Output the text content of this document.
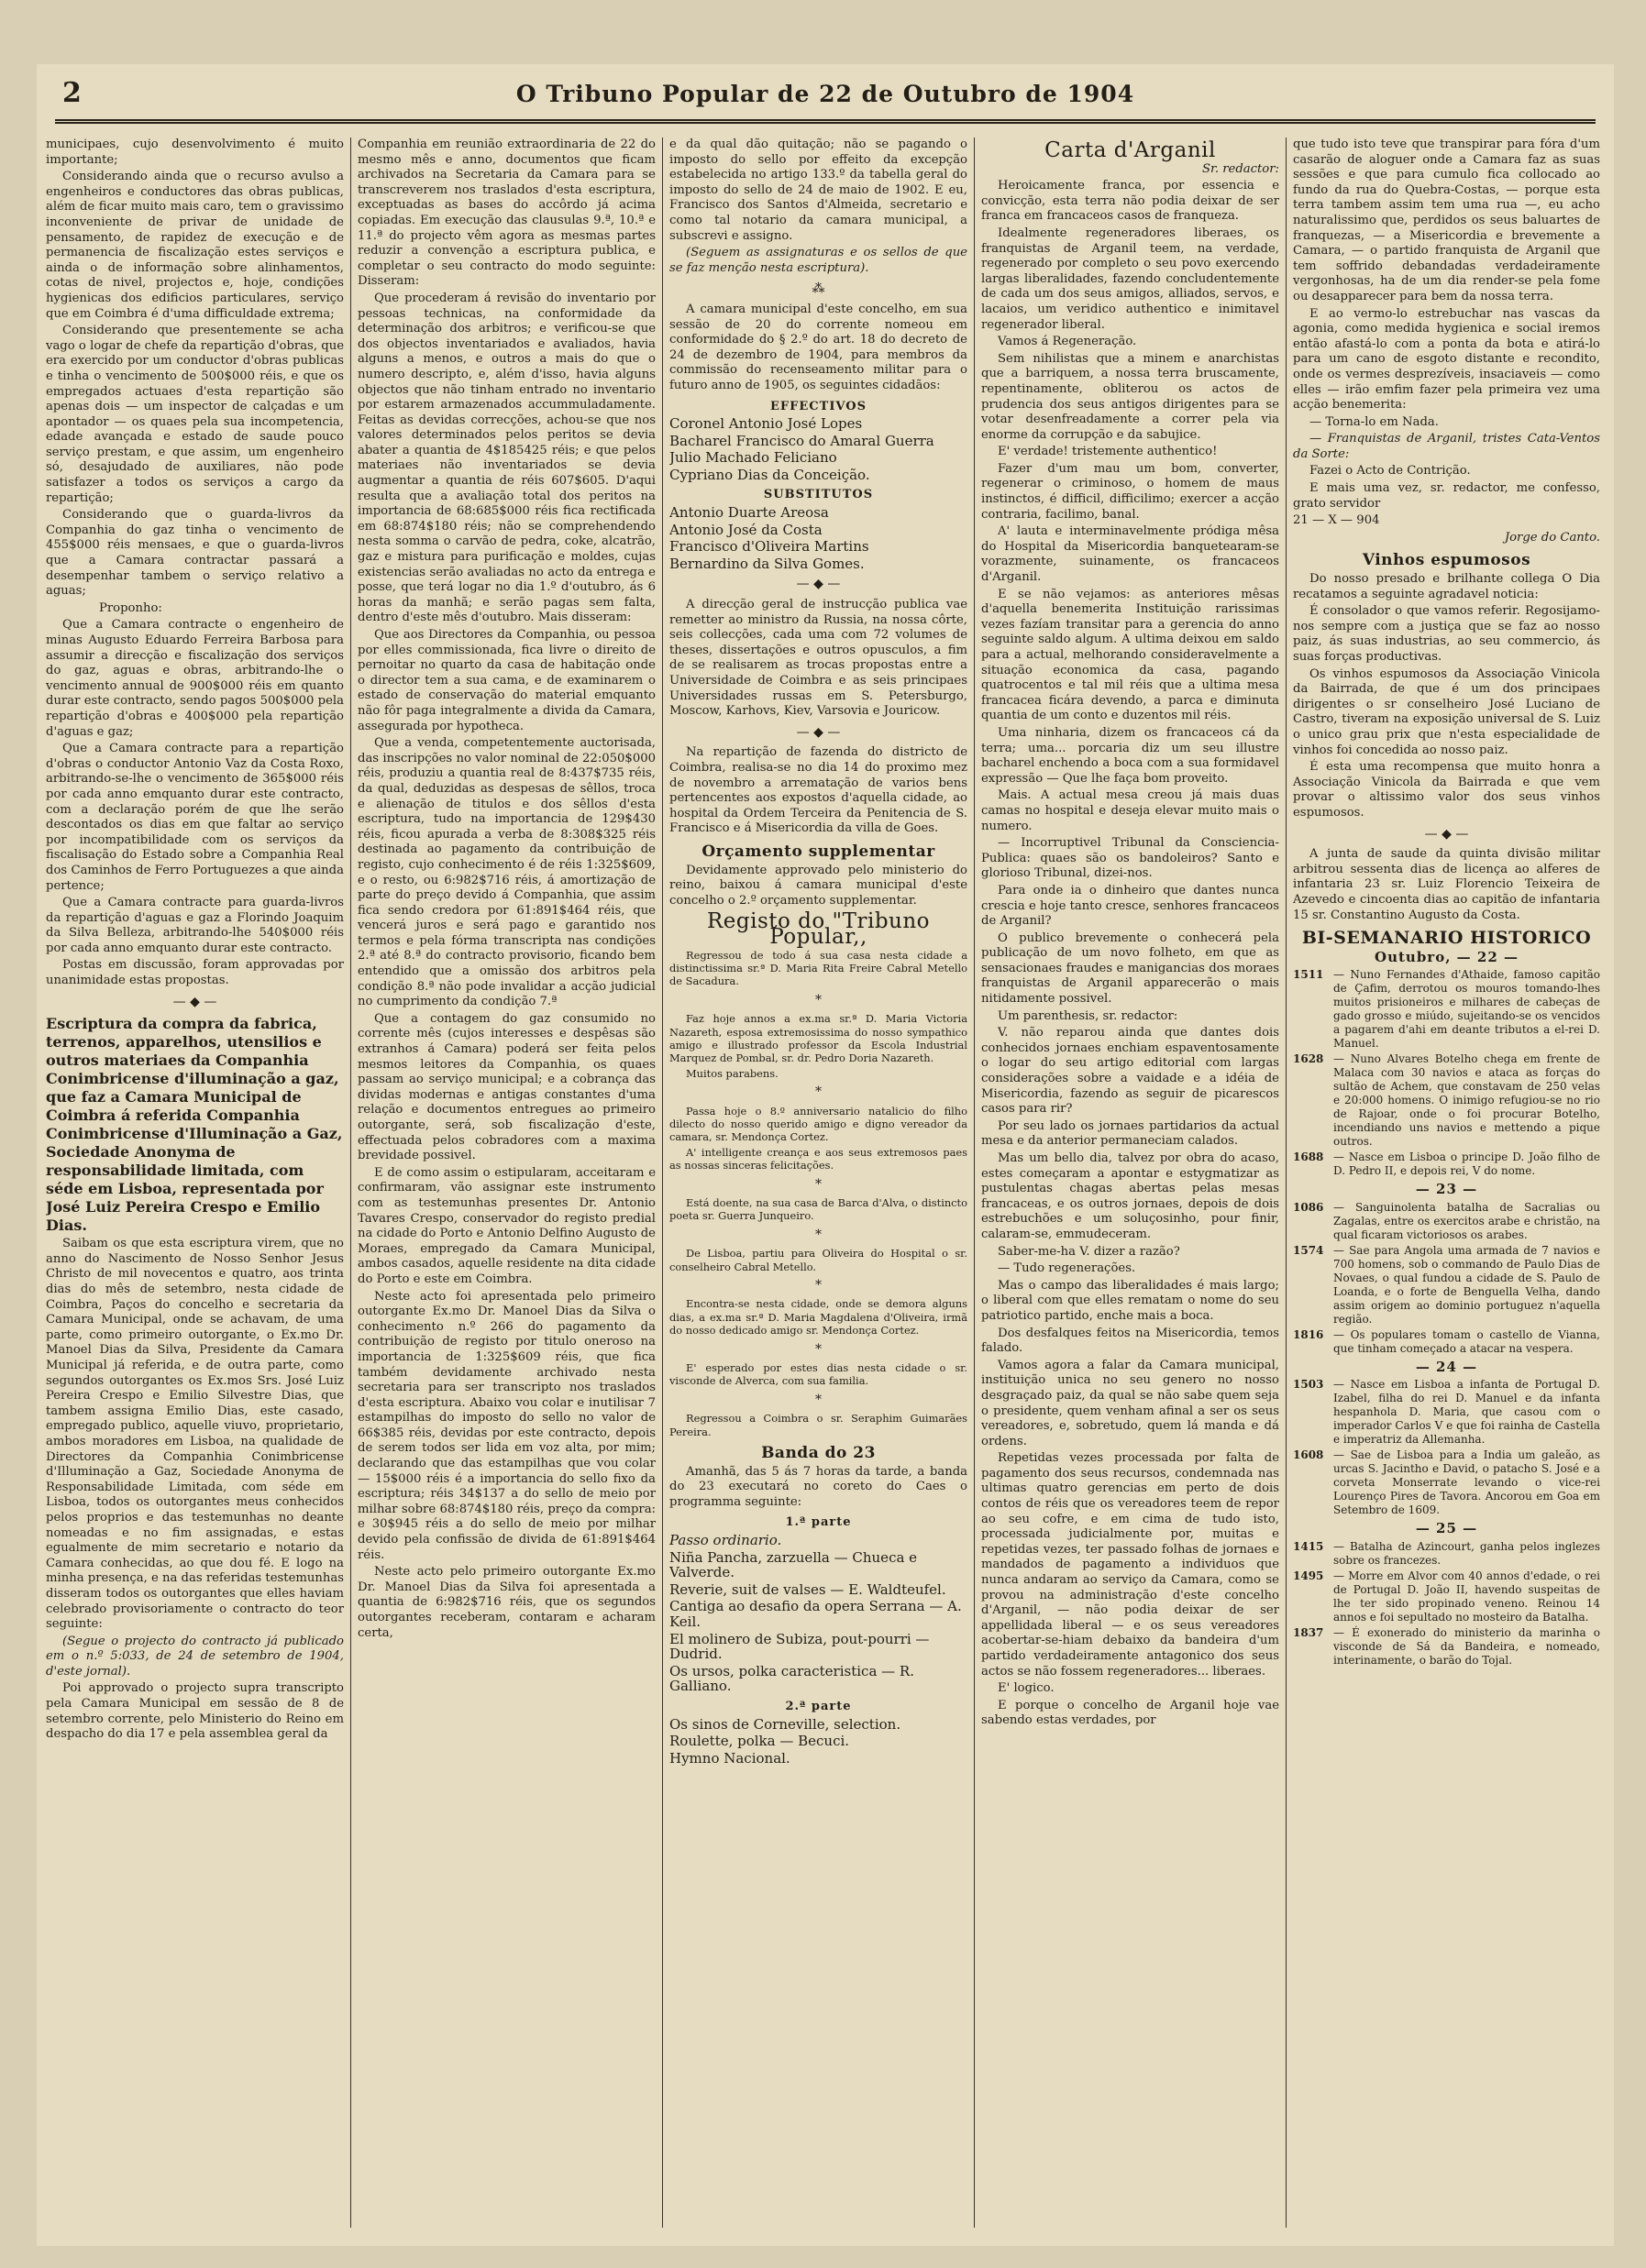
2	O Tribuno Popular de 22 de Outubro de 1904

municipaes, cujo desenvolvimento é muito importante;

Considerando ainda que o recurso avulso a engenheiros e conductores das obras publicas, além de ficar muito mais caro, tem o gravissimo inconveniente de privar de unidade de pensamento, de rapidez de execução e de permanencia de fiscalização estes serviços e ainda o de informação sobre alinhamentos, cotas de nivel, projectos e, hoje, condições hygienicas dos edificios particulares, serviço que em Coimbra é d'uma difficuldade extrema;

Considerando que presentemente se acha vago o logar de chefe da repartição d'obras, que era exercido por um conductor d'obras publicas e tinha o vencimento de 500$000 réis, e que os empregados actuaes d'esta repartição são apenas dois — um inspector de calçadas e um apontador — os quaes pela sua incompetencia, edade avançada e estado de saude pouco serviço prestam, e que assim, um engenheiro só, desajudado de auxiliares, não pode satisfazer a todos os serviços a cargo da repartição;

Considerando que o guarda-livros da Companhia do gaz tinha o vencimento de 455$000 réis mensaes, e que o guarda-livros que a Camara contractar passará a desempenhar tambem o serviço relativo a aguas;

Proponho:

Que a Camara contracte o engenheiro de minas Augusto Eduardo Ferreira Barbosa para assumir a direcção e fiscalização dos serviços do gaz, aguas e obras, arbitrando-lhe o vencimento annual de 900$000 réis em quanto durar este contracto, sendo pagos 500$000 pela repartição d'obras e 400$000 pela repartição d'aguas e gaz;

Que a Camara contracte para a repartição d'obras o conductor Antonio Vaz da Costa Roxo, arbitrando-se-lhe o vencimento de 365$000 réis por cada anno emquanto durar este contracto, com a declaração porém de que lhe serão descontados os dias em que faltar ao serviço por incompatibilidade com os serviços da fiscalisação do Estado sobre a Companhia Real dos Caminhos de Ferro Portuguezes a que ainda pertence;

Que a Camara contracte para guarda-livros da repartição d'aguas e gaz a Florindo Joaquim da Silva Belleza, arbitrando-lhe 540$000 réis por cada anno emquanto durar este contracto.

Postas em discussão, foram approvadas por unanimidade estas propostas.

— ◆ —

Escriptura da compra da fabrica, terrenos, apparelhos, utensilios e outros materiaes da Companhia Conimbricense d'illuminação a gaz, que faz a Camara Municipal de Coimbra á referida Companhia Conimbricense d'Illuminação a Gaz, Sociedade Anonyma de responsabilidade limitada, com séde em Lisboa, representada por José Luiz Pereira Crespo e Emilio Dias.

Saibam os que esta escriptura virem, que no anno do Nascimento de Nosso Senhor Jesus Christo de mil novecentos e quatro, aos trinta dias do mês de setembro, nesta cidade de Coimbra, Paços do concelho e secretaria da Camara Municipal, onde se achavam, de uma parte, como primeiro outorgante, o Ex.mo Dr. Manoel Dias da Silva, Presidente da Camara Municipal já referida, e de outra parte, como segundos outorgantes os Ex.mos Srs. José Luiz Pereira Crespo e Emilio Silvestre Dias, que tambem assigna Emilio Dias, este casado, empregado publico, aquelle viuvo, proprietario, ambos moradores em Lisboa, na qualidade de Directores da Companhia Conimbricense d'Illuminação a Gaz, Sociedade Anonyma de Responsabilidade Limitada, com séde em Lisboa, todos os outorgantes meus conhecidos pelos proprios e das testemunhas no deante nomeadas e no fim assignadas, e estas egualmente de mim secretario e notario da Camara conhecidas, ao que dou fé. E logo na minha presença, e na das referidas testemunhas disseram todos os outorgantes que elles haviam celebrado provisoriamente o contracto do teor seguinte:

(Segue o projecto do contracto já publicado em o n.º 5:033, de 24 de setembro de 1904, d'este jornal).

Poi approvado o projecto supra transcripto pela Camara Municipal em sessão de 8 de setembro corrente, pelo Ministerio do Reino em despacho do dia 17 e pela assemblea geral da

Companhia em reunião extraordinaria de 22 do mesmo mês e anno, documentos que ficam archivados na Secretaria da Camara para se transcreverem nos traslados d'esta escriptura, exceptuadas as bases do accôrdo já acima copiadas. Em execução das clausulas 9.ª, 10.ª e 11.ª do projecto vêm agora as mesmas partes reduzir a convenção a escriptura publica, e completar o seu contracto do modo seguinte: Disseram:

Que procederam á revisão do inventario por pessoas technicas, na conformidade da determinação dos arbitros; e verificou-se que dos objectos inventariados e avaliados, havia alguns a menos, e outros a mais do que o numero descripto, e, além d'isso, havia alguns objectos que não tinham entrado no inventario por estarem armazenados accummuladamente. Feitas as devidas correcções, achou-se que nos valores determinados pelos peritos se devia abater a quantia de 4$185425 réis; e que pelos materiaes não inventariados se devia augmentar a quantia de réis 607$605. D'aqui resulta que a avaliação total dos peritos na importancia de 68:685$000 réis fica rectificada em 68:874$180 réis; não se comprehendendo nesta somma o carvão de pedra, coke, alcatrão, gaz e mistura para purificação e moldes, cujas existencias serão avaliadas no acto da entrega e posse, que terá logar no dia 1.º d'outubro, ás 6 horas da manhã; e serão pagas sem falta, dentro d'este mês d'outubro. Mais disseram:

Que aos Directores da Companhia, ou pessoa por elles commissionada, fica livre o direito de pernoitar no quarto da casa de habitação onde o director tem a sua cama, e de examinarem o estado de conservação do material emquanto não fôr paga integralmente a divida da Camara, assegurada por hypotheca.

Que a venda, competentemente auctorisada, das inscripções no valor nominal de 22:050$000 réis, produziu a quantia real de 8:437$735 réis, da qual, deduzidas as despesas de sêllos, troca e alienação de titulos e dos sêllos d'esta escriptura, tudo na importancia de 129$430 réis, ficou apurada a verba de 8:308$325 réis destinada ao pagamento da contribuição de registo, cujo conhecimento é de réis 1:325$609, e o resto, ou 6:982$716 réis, á amortização de parte do preço devido á Companhia, que assim fica sendo credora por 61:891$464 réis, que vencerá juros e será pago e garantido nos termos e pela fórma transcripta nas condições 2.ª até 8.ª do contracto provisorio, ficando bem entendido que a omissão dos arbitros pela condição 8.ª não pode invalidar a acção judicial no cumprimento da condição 7.ª

Que a contagem do gaz consumido no corrente mês (cujos interesses e despêsas são extranhos á Camara) poderá ser feita pelos mesmos leitores da Companhia, os quaes passam ao serviço municipal; e a cobrança das dividas modernas e antigas constantes d'uma relação e documentos entregues ao primeiro outorgante, será, sob fiscalização d'este, effectuada pelos cobradores com a maxima brevidade possivel.

E de como assim o estipularam, acceitaram e confirmaram, vão assignar este instrumento com as testemunhas presentes Dr. Antonio Tavares Crespo, conservador do registo predial na cidade do Porto e Antonio Delfino Augusto de Moraes, empregado da Camara Municipal, ambos casados, aquelle residente na dita cidade do Porto e este em Coimbra.

Neste acto foi apresentada pelo primeiro outorgante Ex.mo Dr. Manoel Dias da Silva o conhecimento n.º 266 do pagamento da contribuição de registo por titulo oneroso na importancia de 1:325$609 réis, que fica também devidamente archivado nesta secretaria para ser transcripto nos traslados d'esta escriptura. Abaixo vou colar e inutilisar 7 estampilhas do imposto do sello no valor de 66$385 réis, devidas por este contracto, depois de serem todos ser lida em voz alta, por mim; declarando que das estampilhas que vou colar — 15$000 réis é a importancia do sello fixo da escriptura; réis 34$137 a do sello de meio por milhar sobre 68:874$180 réis, preço da compra: e 30$945 réis a do sello de meio por milhar devido pela confissão de divida de 61:891$464 réis.

Neste acto pelo primeiro outorgante Ex.mo Dr. Manoel Dias da Silva foi apresentada a quantia de 6:982$716 réis, que os segundos outorgantes receberam, contaram e acharam certa,

e da qual dão quitação; não se pagando o imposto do sello por effeito da excepção estabelecida no artigo 133.º da tabella geral do imposto do sello de 24 de maio de 1902. E eu, Francisco dos Santos d'Almeida, secretario e como tal notario da camara municipal, a subscrevi e assigno.

(Seguem as assignaturas e os sellos de que se faz menção nesta escriptura).

⁂

A camara municipal d'este concelho, em sua sessão de 20 do corrente nomeou em conformidade do § 2.º do art. 18 do decreto de 24 de dezembro de 1904, para membros da commissão do recenseamento militar para o futuro anno de 1905, os seguintes cidadãos:

EFFECTIVOS

Coronel Antonio José Lopes

Bacharel Francisco do Amaral Guerra

Julio Machado Feliciano

Cypriano Dias da Conceição.

SUBSTITUTOS

Antonio Duarte Areosa

Antonio José da Costa

Francisco d'Oliveira Martins

Bernardino da Silva Gomes.

— ◆ —

A direcção geral de instrucção publica vae remetter ao ministro da Russia, na nossa côrte, seis collecções, cada uma com 72 volumes de theses, dissertações e outros opusculos, a fim de se realisarem as trocas propostas entre a Universidade de Coimbra e as seis principaes Universidades russas em S. Petersburgo, Moscow, Karhovs, Kiev, Varsovia e Jouricow.

— ◆ —

Na repartição de fazenda do districto de Coimbra, realisa-se no dia 14 do proximo mez de novembro a arrematação de varios bens pertencentes aos expostos d'aquella cidade, ao hospital da Ordem Terceira da Penitencia de S. Francisco e á Misericordia da villa de Goes.

Orçamento supplementar

Devidamente approvado pelo ministerio do reino, baixou á camara municipal d'este concelho o 2.º orçamento supplementar.

Registo do "Tribuno Popular,,

Regressou de todo á sua casa nesta cidade a distinctissima sr.ª D. Maria Rita Freire Cabral Metello de Sacadura.

*

Faz hoje annos a ex.ma sr.ª D. Maria Victoria Nazareth, esposa extremosissima do nosso sympathico amigo e illustrado professor da Escola Industrial Marquez de Pombal, sr. dr. Pedro Doria Nazareth.

Muitos parabens.

*

Passa hoje o 8.º anniversario natalicio do filho dilecto do nosso querido amigo e digno vereador da camara, sr. Mendonça Cortez.

A' intelligente creança e aos seus extremosos paes as nossas sinceras felicitações.

*

Está doente, na sua casa de Barca d'Alva, o distincto poeta sr. Guerra Junqueiro.

*

De Lisboa, partiu para Oliveira do Hospital o sr. conselheiro Cabral Metello.

*

Encontra-se nesta cidade, onde se demora alguns dias, a ex.ma sr.ª D. Maria Magdalena d'Oliveira, irmã do nosso dedicado amigo sr. Mendonça Cortez.

*

E' esperado por estes dias nesta cidade o sr. visconde de Alverca, com sua familia.

*

Regressou a Coimbra o sr. Seraphim Guimarães Pereira.

Banda do 23

Amanhã, das 5 ás 7 horas da tarde, a banda do 23 executará no coreto do Caes o programma seguinte:

1.ª parte

Passo ordinario.

Niña Pancha, zarzuella — Chueca e Valverde.

Reverie, suit de valses — E. Waldteufel.

Cantiga ao desafio da opera Serrana — A. Keil.

El molinero de Subiza, pout-pourri — Dudrid.

Os ursos, polka caracteristica — R. Galliano.

2.ª parte

Os sinos de Corneville, selection.

Roulette, polka — Becuci.

Hymno Nacional.

Carta d'Arganil

Sr. redactor:

Heroicamente franca, por essencia e convicção, esta terra não podia deixar de ser franca em francaceos casos de franqueza.

Idealmente regeneradores liberaes, os franquistas de Arganil teem, na verdade, regenerado por completo o seu povo exercendo largas liberalidades, fazendo concludentemente de cada um dos seus amigos, alliados, servos, e lacaios, um veridico authentico e inimitavel regenerador liberal.

Vamos á Regeneração.

Sem nihilistas que a minem e anarchistas que a barriquem, a nossa terra bruscamente, repentinamente, obliterou os actos de prudencia dos seus antigos dirigentes para se votar desenfreadamente a correr pela via enorme da corrupção e da sabujice.

E' verdade! tristemente authentico!

Fazer d'um mau um bom, converter, regenerar o criminoso, o homem de maus instinctos, é difficil, difficilimo; exercer a acção contraria, facilimo, banal.

A' lauta e interminavelmente pródiga mêsa do Hospital da Misericordia banquetearam-se vorazmente, suinamente, os francaceos d'Arganil.

E se não vejamos: as anteriores mêsas d'aquella benemerita Instituição rarissimas vezes fazíam transitar para a gerencia do anno seguinte saldo algum. A ultima deixou em saldo para a actual, melhorando consideravelmente a situação economica da casa, pagando quatrocentos e tal mil réis que a ultima mesa francacea ficára devendo, a parca e diminuta quantia de um conto e duzentos mil réis.

Uma ninharia, dizem os francaceos cá da terra; uma... porcaria diz um seu illustre bacharel enchendo a boca com a sua formidavel expressão — Que lhe faça bom proveito.

Mais. A actual mesa creou já mais duas camas no hospital e deseja elevar muito mais o numero.

— Incorruptivel Tribunal da Consciencia-Publica: quaes são os bandoleiros? Santo e glorioso Tribunal, dizei-nos.

Para onde ia o dinheiro que dantes nunca crescia e hoje tanto cresce, senhores francaceos de Arganil?

O publico brevemente o conhecerá pela publicação de um novo folheto, em que as sensacionaes fraudes e manigancias dos moraes franquistas de Arganil apparecerão o mais nitidamente possivel.

Um parenthesis, sr. redactor:

V. não reparou ainda que dantes dois conhecidos jornaes enchiam espaventosamente o logar do seu artigo editorial com largas considerações sobre a vaidade e a idéia de Misericordia, fazendo as seguir de picarescos casos para rir?

Por seu lado os jornaes partidarios da actual mesa e da anterior permaneciam calados.

Mas um bello dia, talvez por obra do acaso, estes começaram a apontar e estygmatizar as pustulentas chagas abertas pelas mesas francaceas, e os outros jornaes, depois de dois estrebuchões e um soluçosinho, pour finir, calaram-se, emmudeceram.

Saber-me-ha V. dizer a razão?

— Tudo regenerações.

Mas o campo das liberalidades é mais largo; o liberal com que elles rematam o nome do seu patriotico partido, enche mais a boca.

Dos desfalques feitos na Misericordia, temos falado.

Vamos agora a falar da Camara municipal, instituição unica no seu genero no nosso desgraçado paiz, da qual se não sabe quem seja o presidente, quem venham afinal a ser os seus vereadores, e, sobretudo, quem lá manda e dá ordens.

Repetidas vezes processada por falta de pagamento dos seus recursos, condemnada nas ultimas quatro gerencias em perto de dois contos de réis que os vereadores teem de repor ao seu cofre, e em cima de tudo isto, processada judicialmente por, muitas e repetidas vezes, ter passado folhas de jornaes e mandados de pagamento a individuos que nunca andaram ao serviço da Camara, como se provou na administração d'este concelho d'Arganil, — não podia deixar de ser appellidada liberal — e os seus vereadores acobertar-se-hiam debaixo da bandeira d'um partido verdadeiramente antagonico dos seus actos se não fossem regeneradores... liberaes.

E' logico.

E porque o concelho de Arganil hoje vae sabendo estas verdades, por

que tudo isto teve que transpirar para fóra d'um casarão de aloguer onde a Camara faz as suas sessões e que para cumulo fica collocado ao fundo da rua do Quebra-Costas, — porque esta terra tambem assim tem uma rua —, eu acho naturalissimo que, perdidos os seus baluartes de franquezas, — a Misericordia e brevemente a Camara, — o partido franquista de Arganil que tem soffrido debandadas verdadeiramente vergonhosas, ha de um dia render-se pela fome ou desapparecer para bem da nossa terra.

E ao vermo-lo estrebuchar nas vascas da agonia, como medida hygienica e social iremos então afastá-lo com a ponta da bota e atirá-lo para um cano de esgoto distante e recondito, onde os vermes desprezíveis, insaciaveis — como elles — irão emfim fazer pela primeira vez uma acção benemerita:

— Torna-lo em Nada.

— Franquistas de Arganil, tristes Cata-Ventos da Sorte:

Fazei o Acto de Contrição.

E mais uma vez, sr. redactor, me confesso, grato servidor

21 — X — 904

Jorge do Canto.

Vinhos espumosos

Do nosso presado e brilhante collega O Dia recatamos a seguinte agradavel noticia:

É consolador o que vamos referir. Regosijamo-nos sempre com a justiça que se faz ao nosso paiz, ás suas industrias, ao seu commercio, ás suas forças productivas.

Os vinhos espumosos da Associação Vinicola da Bairrada, de que é um dos principaes dirigentes o sr conselheiro José Luciano de Castro, tiveram na exposição universal de S. Luiz o unico grau prix que n'esta especialidade de vinhos foi concedida ao nosso paiz.

É esta uma recompensa que muito honra a Associação Vinicola da Bairrada e que vem provar o altissimo valor dos seus vinhos espumosos.

— ◆ —

A junta de saude da quinta divisão militar arbitrou sessenta dias de licença ao alferes de infantaria 23 sr. Luiz Florencio Teixeira de Azevedo e cincoenta dias ao capitão de infantaria 15 sr. Constantino Augusto da Costa.

BI-SEMANARIO HISTORICO

Outubro, — 22 —

1511 — Nuno Fernandes d'Athaide, famoso capitão de Çafim, derrotou os mouros tomando-lhes muitos prisioneiros e milhares de cabeças de gado grosso e miúdo, sujeitando-se os vencidos a pagarem d'ahi em deante tributos a el-rei D. Manuel.

1628 — Nuno Alvares Botelho chega em frente de Malaca com 30 navios e ataca as forças do sultão de Achem, que constavam de 250 velas e 20:000 homens. O inimigo refugiou-se no rio de Rajoar, onde o foi procurar Botelho, incendiando uns navios e mettendo a pique outros.

1688 — Nasce em Lisboa o principe D. João filho de D. Pedro II, e depois rei, V do nome.

— 23 —

1086 — Sanguinolenta batalha de Sacralias ou Zagalas, entre os exercitos arabe e christão, na qual ficaram victoriosos os arabes.

1574 — Sae para Angola uma armada de 7 navios e 700 homens, sob o commando de Paulo Dias de Novaes, o qual fundou a cidade de S. Paulo de Loanda, e o forte de Benguella Velha, dando assim origem ao dominio portuguez n'aquella região.

1816 — Os populares tomam o castello de Vianna, que tinham começado a atacar na vespera.

— 24 —

1503 — Nasce em Lisboa a infanta de Portugal D. Izabel, filha do rei D. Manuel e da infanta hespanhola D. Maria, que casou com o imperador Carlos V e que foi rainha de Castella e imperatriz da Allemanha.

1608 — Sae de Lisboa para a India um galeão, as urcas S. Jacintho e David, o patacho S. José e a corveta Monserrate levando o vice-rei Lourenço Pires de Tavora. Ancorou em Goa em Setembro de 1609.

— 25 —

1415 — Batalha de Azincourt, ganha pelos inglezes sobre os francezes.

1495 — Morre em Alvor com 40 annos d'edade, o rei de Portugal D. João II, havendo suspeitas de lhe ter sido propinado veneno. Reinou 14 annos e foi sepultado no mosteiro da Batalha.

1837 — É exonerado do ministerio da marinha o visconde de Sá da Bandeira, e nomeado, interinamente, o barão do Tojal.
